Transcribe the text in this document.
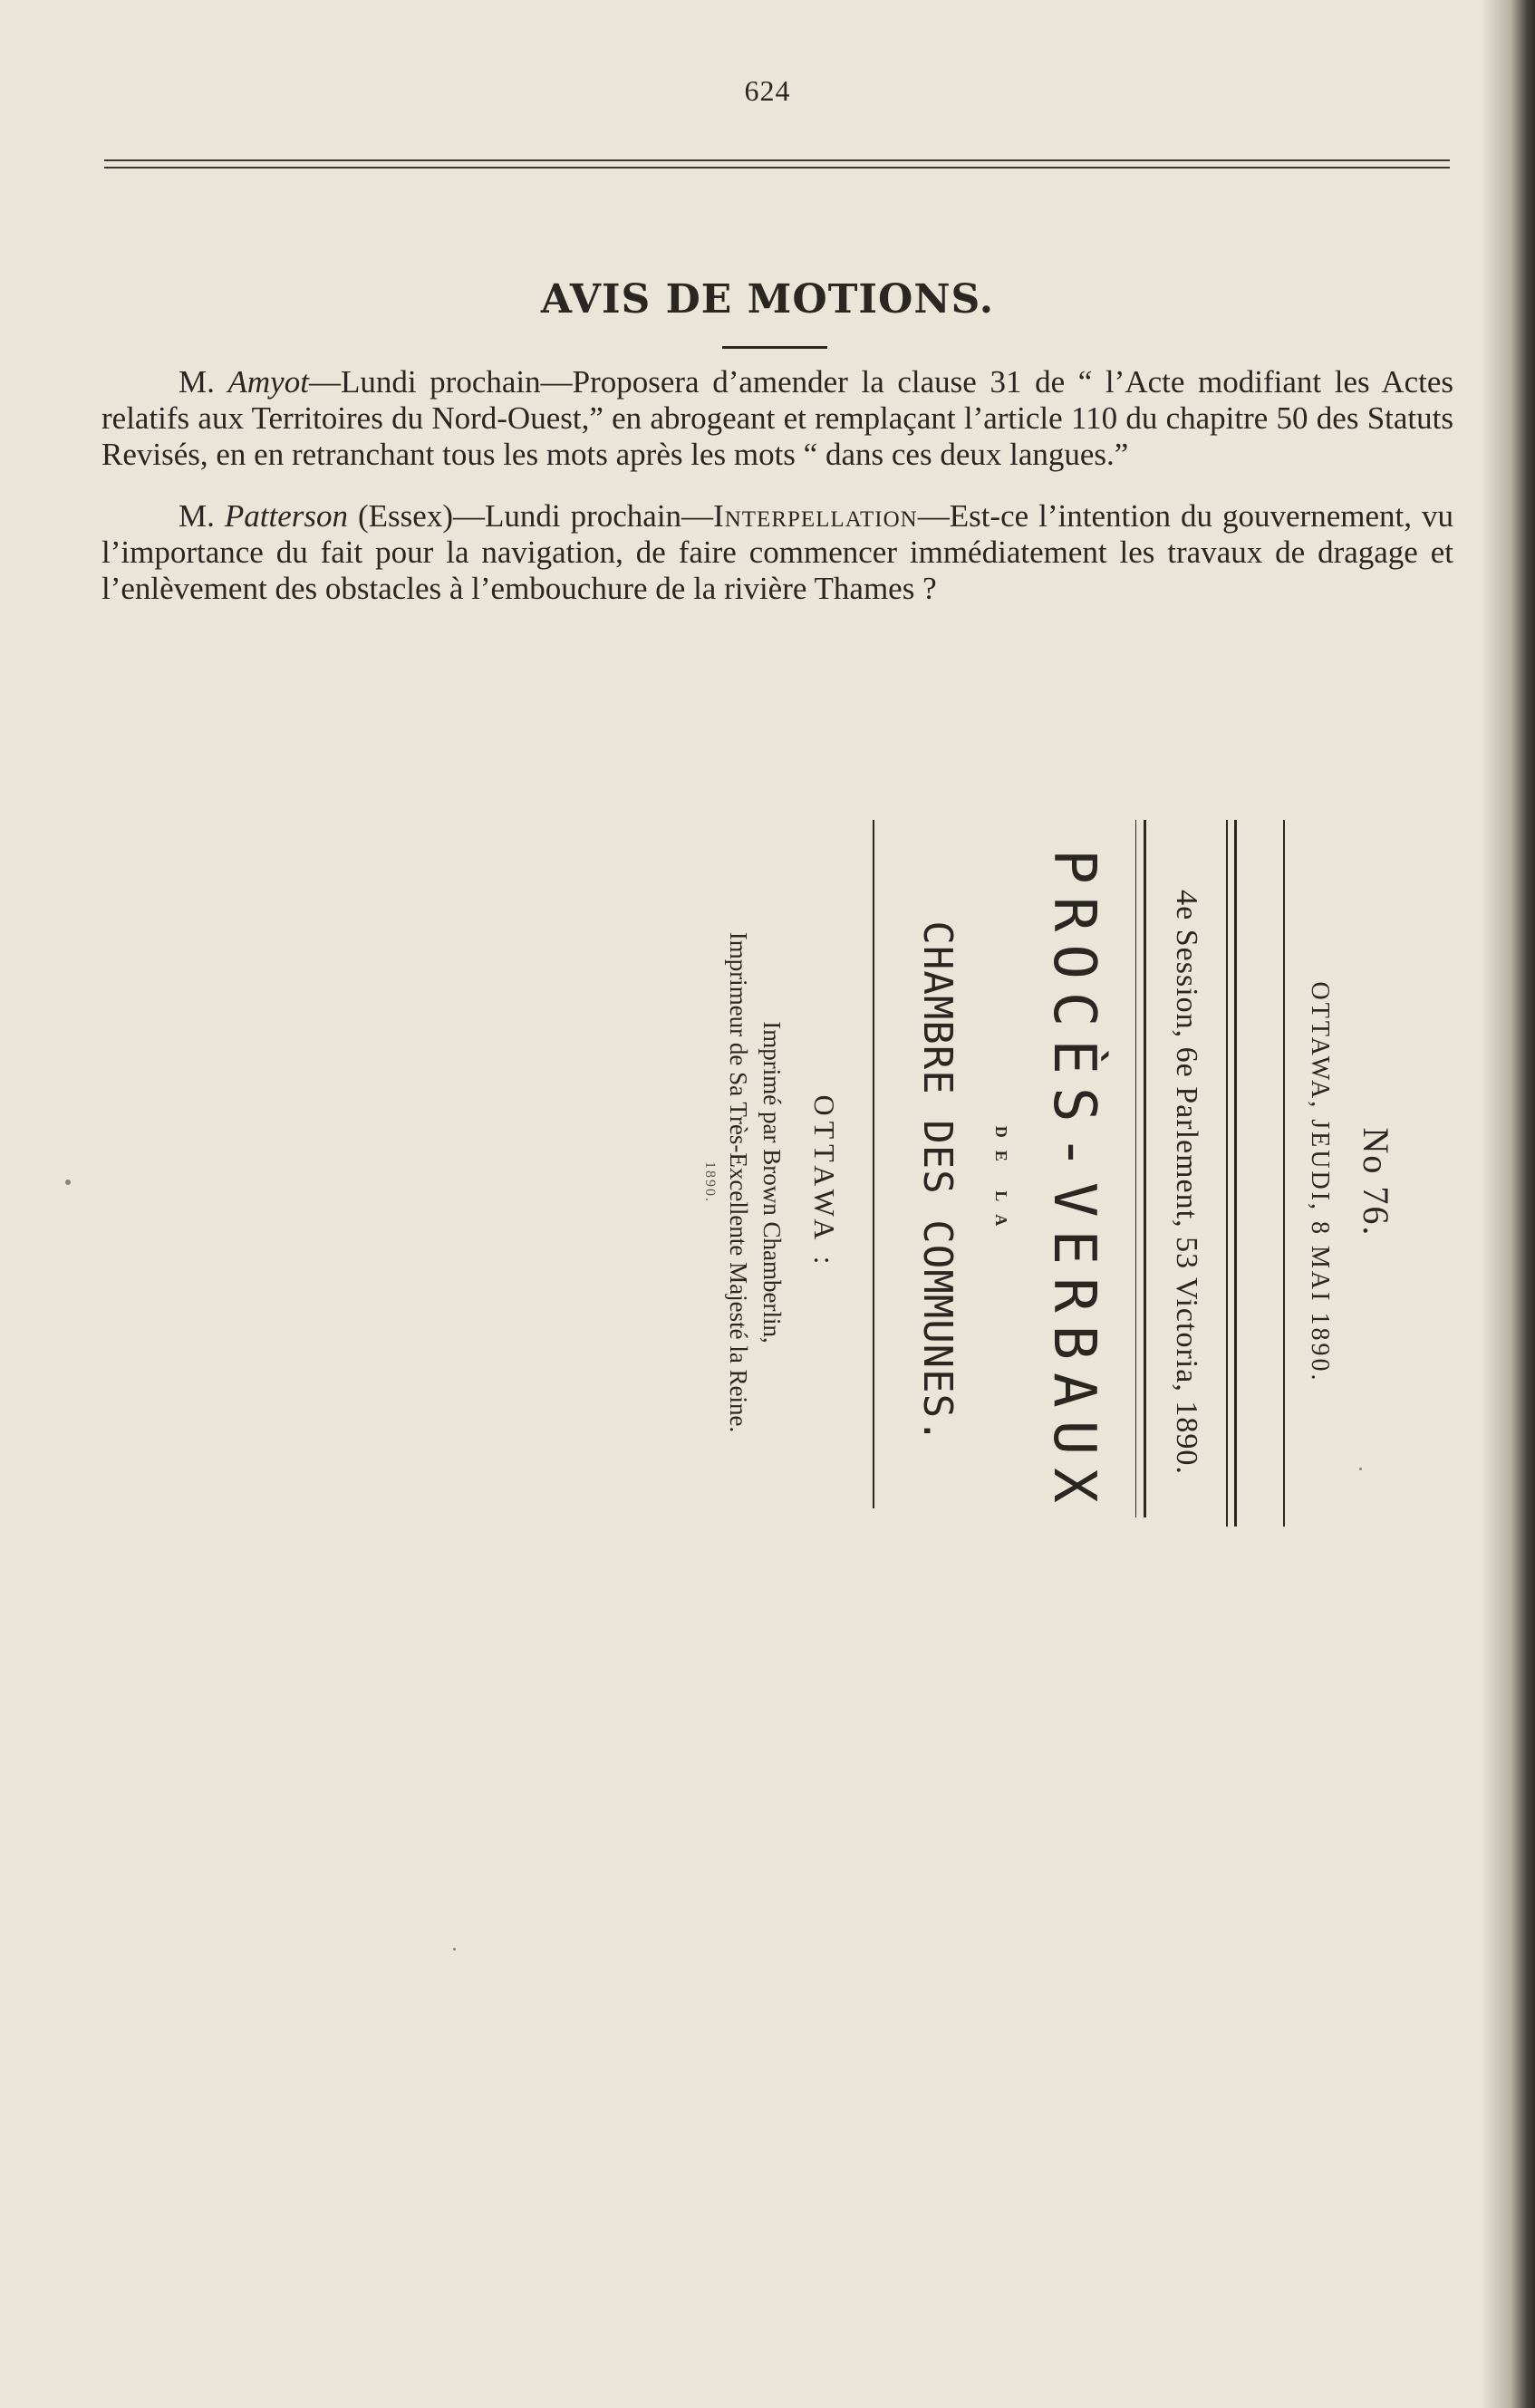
624
AVIS DE MOTIONS.

M. Amyot—Lundi prochain—Proposera d’amender la clause 31 de “ l’Acte modifiant les Actes relatifs aux Territoires du Nord-Ouest,” en abrogeant et remplaçant l’article 110 du chapitre 50 des Statuts Revisés, en en retranchant tous les mots après les mots “ dans ces deux langues.”

M. Patterson (Essex)—Lundi prochain—Interpellation—Est-ce l’intention du gouvernement, vu l’importance du fait pour la navigation, de faire commencer immédiatement les travaux de dragage et l’enlèvement des obstacles à l’embouchure de la rivière Thames ?

No 76.
OTTAWA, JEUDI, 8 MAI 1890.
4e Session, 6e Parlement, 53 Victoria, 1890.
PROCÈS-VERBAUX
DE LA
CHAMBRE DES COMMUNES.
OTTAWA :
Imprimé par Brown Chamberlin,
Imprimeur de Sa Très-Excellente Majesté la Reine.
1890.
